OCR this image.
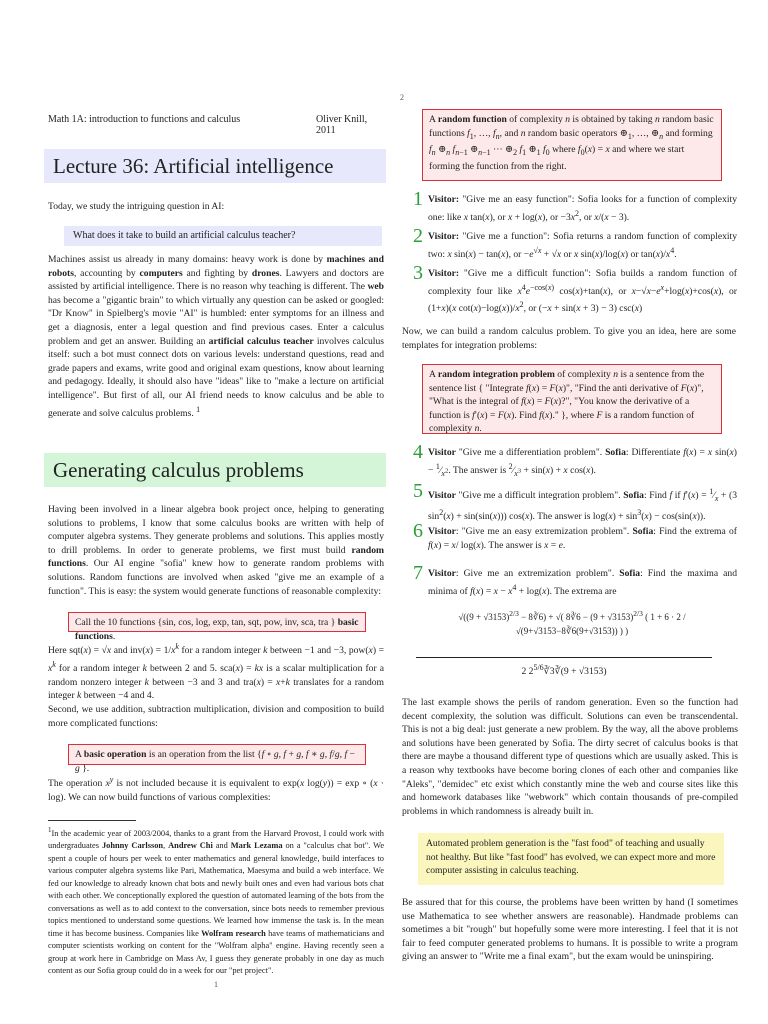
Math 1A: introduction to functions and calculus	Oliver Knill, 2011
Lecture 36: Artificial intelligence

Today, we study the intriguing question in AI:

What does it take to build an artificial calculus teacher?

Machines assist us already in many domains: heavy work is done by machines and robots, accounting by computers and fighting by drones. Lawyers and doctors are assisted by artificial intelligence. There is no reason why teaching is different. The web has become a "gigantic brain" to which virtually any question can be asked or googled: "Dr Know" in Spielberg's movie "AI" is humbled: enter symptoms for an illness and get a diagnosis, enter a legal question and find previous cases. Enter a calculus problem and get an answer. Building an artificial calculus teacher involves calculus itself: such a bot must connect dots on various levels: understand questions, read and grade papers and exams, write good and original exam questions, know about learning and pedagogy. Ideally, it should also have "ideas" like to "make a lecture on artificial intelligence". But first of all, our AI friend needs to know calculus and be able to generate and solve calculus problems. $^1$

Generating calculus problems

Having been involved in a linear algebra book project once, helping to generating solutions to problems, I know that some calculus books are written with help of computer algebra systems. They generate problems and solutions. This applies mostly to drill problems. In order to generate problems, we first must build random functions. Our AI engine "sofia" knew how to generate random problems with solutions. Random functions are involved when asked "give me an example of a function". This is easy: the system would generate functions of reasonable complexity:

Call the 10 functions {sin, cos, log, exp, tan, sqt, pow, inv, sca, tra } basic functions.

Here sqt(x) = √x and $inv(x) = 1/x^k$ for a random integer k between −1 and −3, $pow(x) = x^k$ for a random integer k between 2 and 5. sca(x) = kx is a scalar multiplication for a random nonzero integer k between −3 and 3 and tra(x) = x+k translates for a random integer k between −4 and 4.

Second, we use addition, subtraction multiplication, division and composition to build more complicated functions:

A basic operation is an operation from the list {f ∘ g, f + g, f ∗ g, f/g, f − g }.

The operation $x^y$ is not included because it is equivalent to exp(x log(y)) = exp ∘ (x · log). We can now build functions of various complexities:

$^1$In the academic year of 2003/2004, thanks to a grant from the Harvard Provost, I could work with undergraduates Johnny Carlsson, Andrew Chi and Mark Lezama on a "calculus chat bot". We spent a couple of hours per week to enter mathematics and general knowledge, build interfaces to various computer algebra systems like Pari, Mathematica, Maesyma and build a web interface. We fed our knowledge to already known chat bots and newly built ones and even had various bots chat with each other. We conceptionally explored the question of automated learning of the bots from the conversations as well as to add context to the conversation, since bots needs to remember previous topics mentioned to understand some questions. We learned how immense the task is. In the mean time it has become business. Companies like Wolfram research have teams of mathematicians and computer scientists working on content for the "Wolfram alpha" engine. Having recently seen a group at work here in Cambridge on Mass Av, I guess they generate probably in one day as much content as our Sofia group could do in a week for our "pet project".

1
2
A random function of complexity n is obtained by taking n random basic functions $f_1$, …, $f_n$, and n random basic operators $\oplus_1$, …, $\oplus_n$ and forming $f_n$ $\oplus_n$ $f_{n-1}$ $\oplus_{n-1}$ ··· $\oplus_2$ $f_1$ $\oplus_1$ $f_0$ where $f_0(x) = x$ and where we start forming the function from the right.
1 Visitor: "Give me an easy function": Sofia looks for a function of complexity one: like x tan(x), or x + log(x), or $-3x^2$, or x/(x − 3).

2 Visitor: "Give me a function": Sofia returns a random function of complexity two: x sin(x) − tan(x), or $-e^{√x} + √x$ or x sin(x)/log(x) or $\tan(x)/x^4$.

3 Visitor: "Give me a difficult function": Sofia builds a random function of complexity four like $x^4e^{-cos(x)}$ cos(x)+tan(x), or $x-√x-e^x+\log(x)+\cos(x)$, or (1+x)(x $\cot(x)-\log(x))/x^2$, or (−x + sin(x + 3) − 3) csc(x)

Now, we can build a random calculus problem. To give you an idea, here are some templates for integration problems:

A random integration problem of complexity n is a sentence from the sentence list { "Integrate f(x) = F(x)", "Find the anti derivative of F(x)", "What is the integral of f(x) = F(x)?", "You know the derivative of a function is f′(x) = F(x). Find f(x)." }, where F is a random function of complexity n.
4 Visitor "Give me a differentiation problem". Sofia: Differentiate f(x) = x $\sin(x) - ^1⁄_{x^2}$. The answer is $^2⁄_{x^3} + \sin(x) + x$ cos(x).

5 Visitor "Give me a difficult integration problem". Sofia: Find f if $f'(x) = ^1⁄_x + (3$ $\sin^2(x) + \sin(\sin(x))$) cos(x). The answer is $\log(x) + \sin^3(x) - \cos(\sin(x))$.

6 Visitor: "Give me an easy extremization problem". Sofia: Find the extrema of f(x) = x/ log(x). The answer is x = e.

7 Visitor: Give me an extremization problem". Sofia: Find the maxima and minima of $f(x) = x - x^4 + \log(x)$. The extrema are

$√((9 + √3153)^{2/3}$ − 8∛6) + √( 8∛6 − $(9 + √3153)^{2/3}$ ( 1 + 6 · 2 / √(9+√3153−8∛6(9+√3153)) ) )
2 $2^{5/6}∛3∛(9 + √3153)$

The last example shows the perils of random generation. Even so the function had decent complexity, the solution was difficult. Solutions can even be transcendental. This is not a big deal: just generate a new problem. By the way, all the above problems and solutions have been generated by Sofia. The dirty secret of calculus books is that there are maybe a thousand different type of questions which are usually asked. This is a reason why textbooks have become boring clones of each other and companies like "Aleks", "demidec" etc exist which constantly mine the web and course sites like this and homework databases like "webwork" which contain thousands of pre-compiled problems in which randomness is already built in.

Automated problem generation is the "fast food" of teaching and usually not healthy. But like "fast food" has evolved, we can expect more and more computer assisting in calculus teaching.

Be assured that for this course, the problems have been written by hand (I sometimes use Mathematica to see whether answers are reasonable). Handmade problems can sometimes a bit "rough" but hopefully some were more interesting. I feel that it is not fair to feed computer generated problems to humans. It is possible to write a program giving an answer to "Write me a final exam", but the exam would be uninspiring.
